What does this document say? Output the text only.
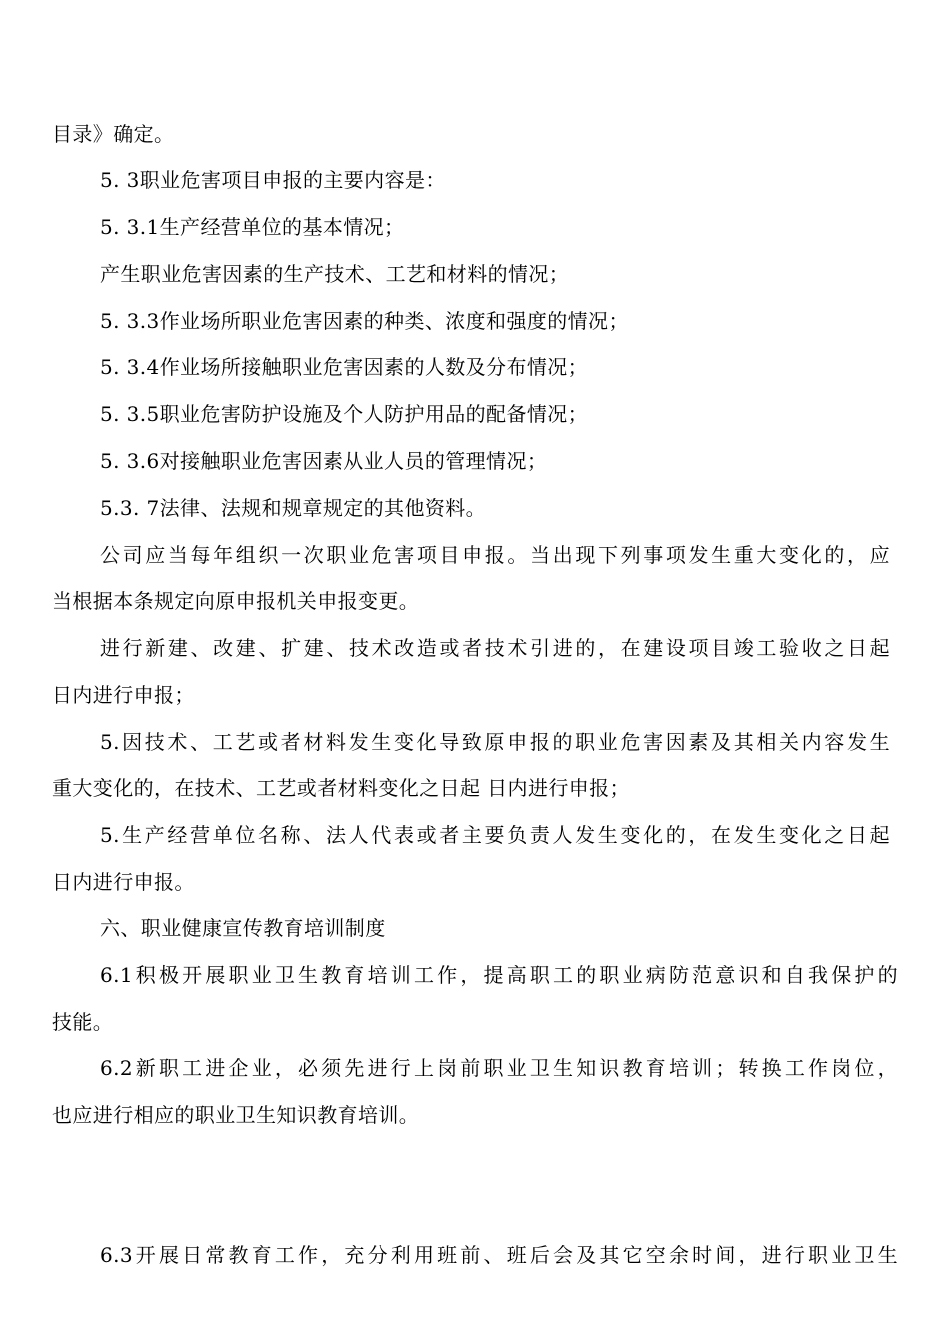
目录》确定。
5. 3职业危害项目申报的主要内容是：
5. 3.1生产经营单位的基本情况；
产生职业危害因素的生产技术、工艺和材料的情况；
5. 3.3作业场所职业危害因素的种类、浓度和强度的情况；
5. 3.4作业场所接触职业危害因素的人数及分布情况；
5. 3.5职业危害防护设施及个人防护用品的配备情况；
5. 3.6对接触职业危害因素从业人员的管理情况；
5.3. 7法律、法规和规章规定的其他资料。
公司应当每年组织一次职业危害项目申报。当出现下列事项发生重大变化的，应
当根据本条规定向原申报机关申报变更。
进行新建、改建、扩建、技术改造或者技术引进的，在建设项目竣工验收之日起
日内进行申报；
5.因技术、工艺或者材料发生变化导致原申报的职业危害因素及其相关内容发生
重大变化的，在技术、工艺或者材料变化之日起 日内进行申报；
5.生产经营单位名称、法人代表或者主要负责人发生变化的，在发生变化之日起
日内进行申报。
六、职业健康宣传教育培训制度
6.1积极开展职业卫生教育培训工作，提高职工的职业病防范意识和自我保护的
技能。
6.2新职工进企业，必须先进行上岗前职业卫生知识教育培训；转换工作岗位，
也应进行相应的职业卫生知识教育培训。
6.3开展日常教育工作，充分利用班前、班后会及其它空余时间，进行职业卫生
